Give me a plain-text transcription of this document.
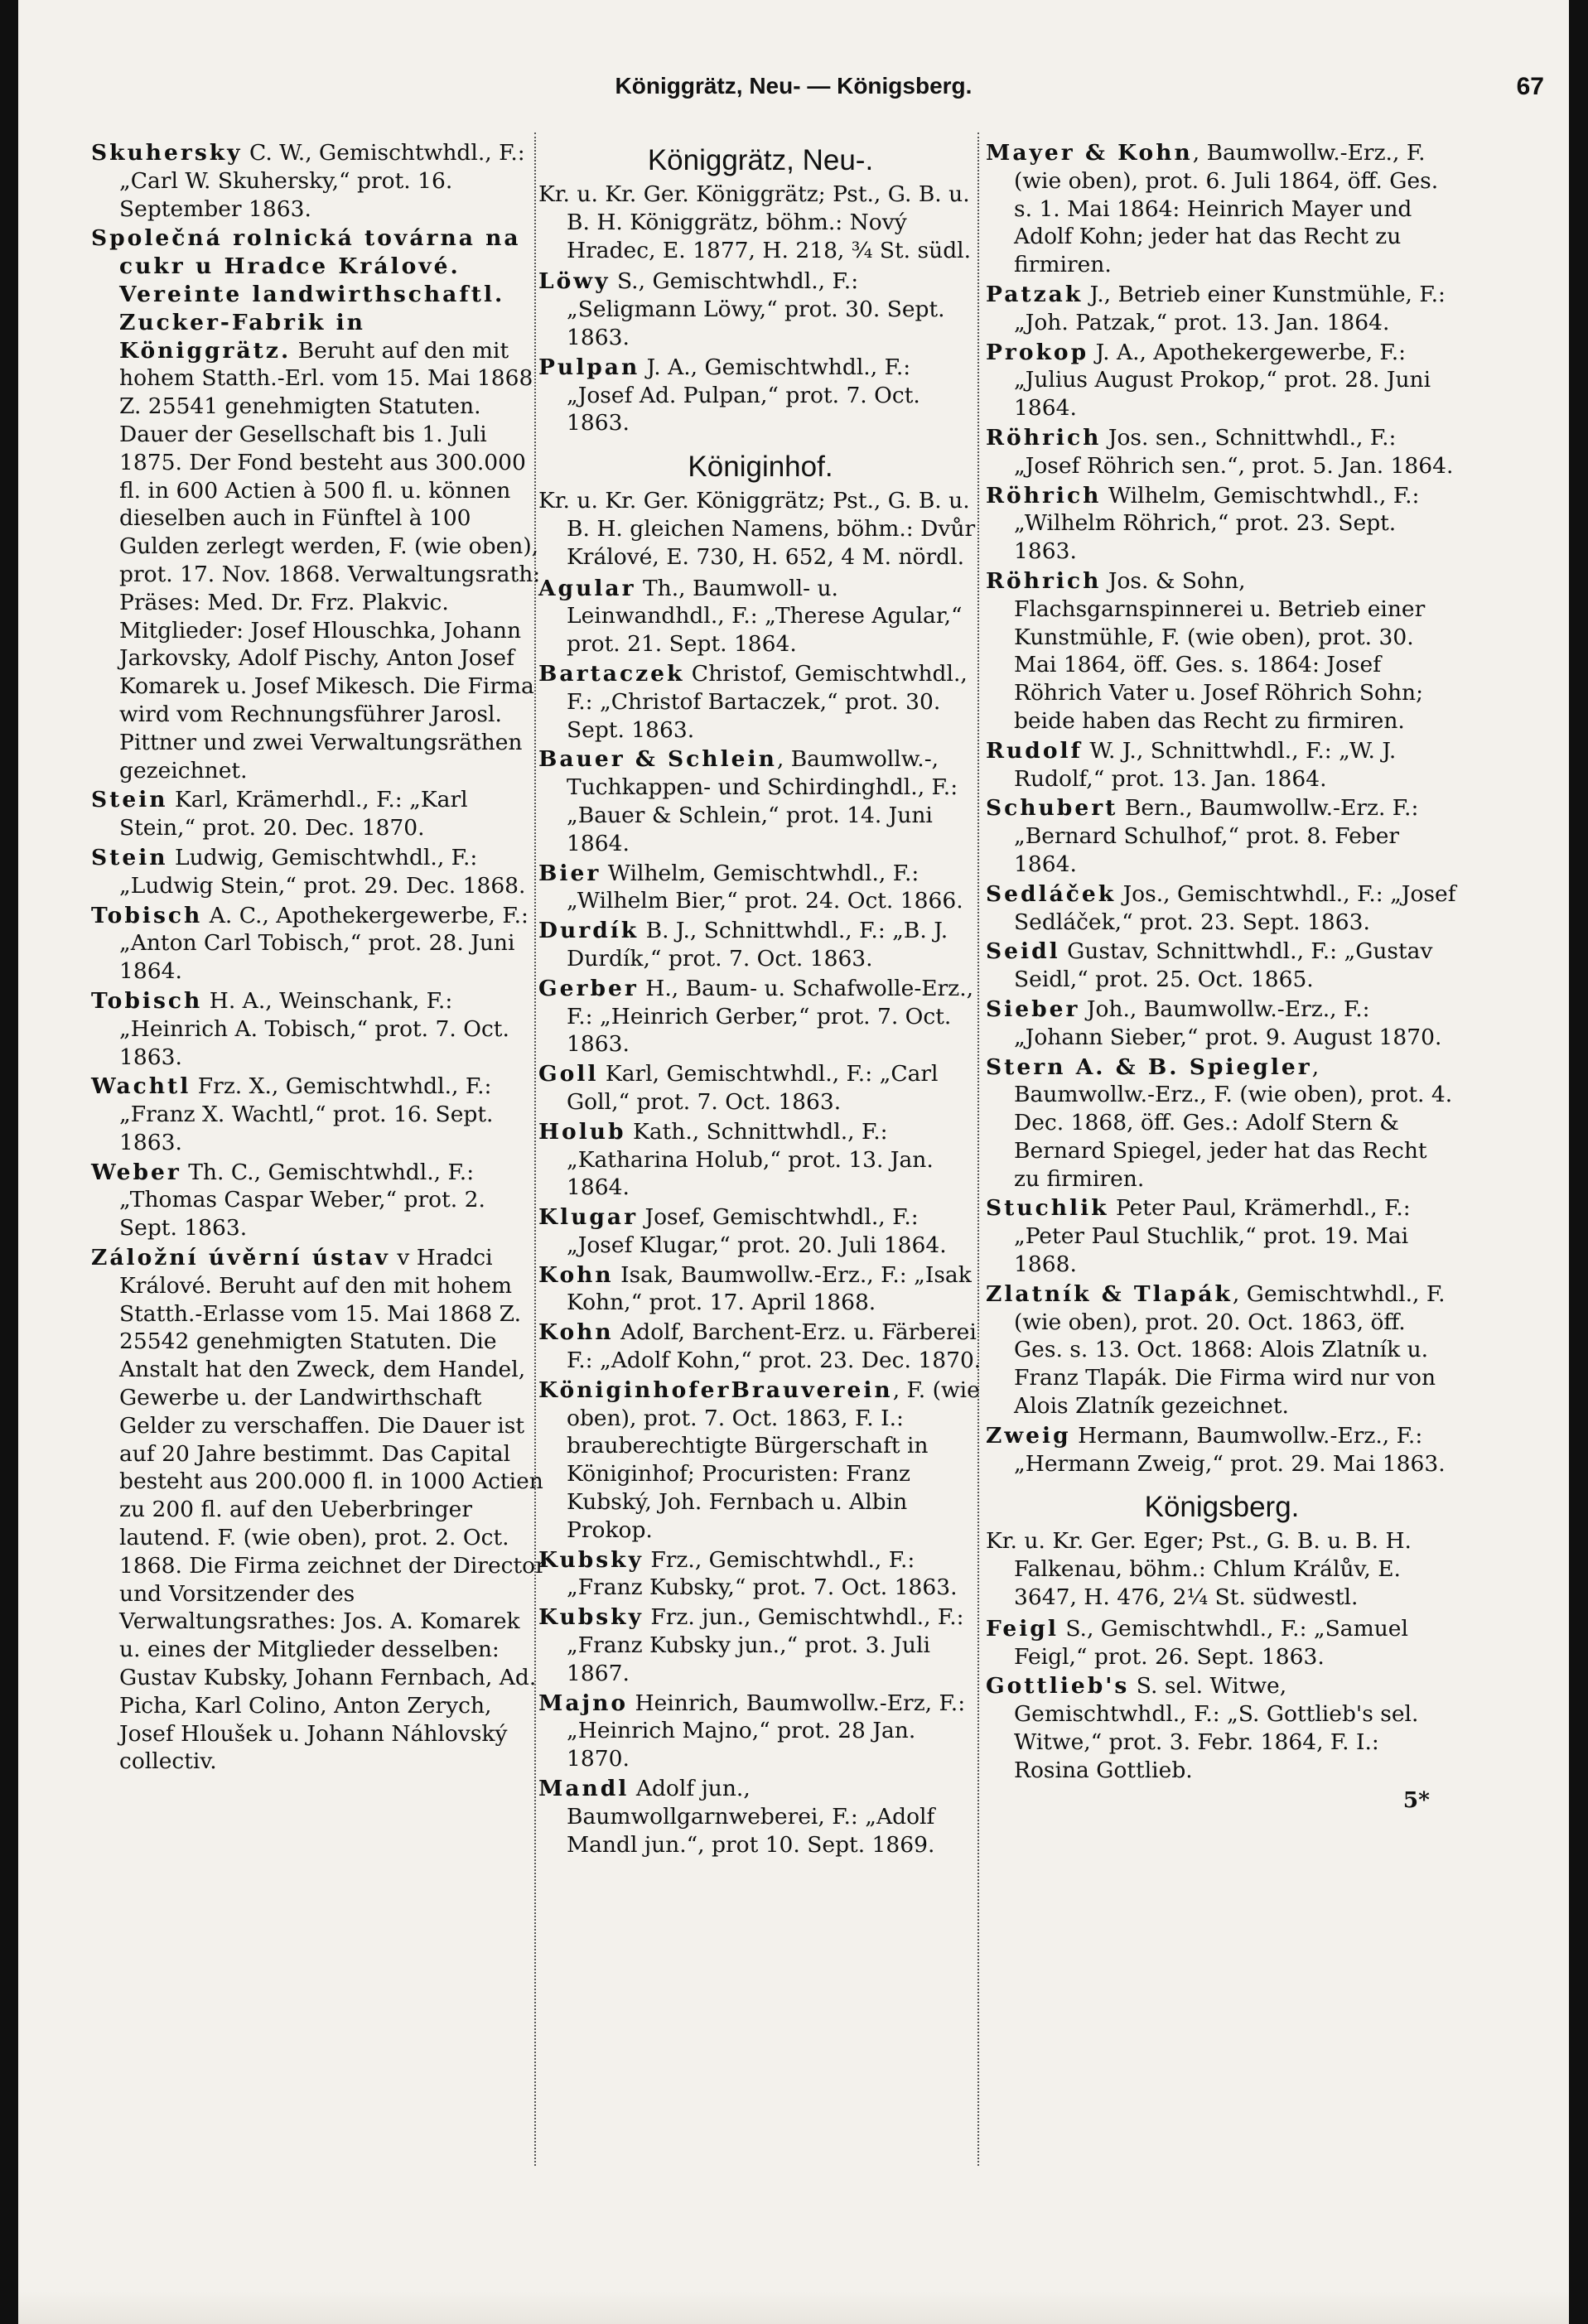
Königgrätz, Neu- — Königsberg.	67
Skuhersky C. W., Gemischtwhdl., F.: „Carl W. Skuhersky,“ prot. 16. September 1863.
Společná rolnická továrna na cukr u Hradce Králové. Vereinte landwirthschaftl. Zucker-Fabrik in Königgrätz. Beruht auf den mit hohem Statth.-Erl. vom 15. Mai 1868 Z. 25541 genehmigten Statuten. Dauer der Gesellschaft bis 1. Juli 1875. Der Fond besteht aus 300.000 fl. in 600 Actien à 500 fl. u. können dieselben auch in Fünftel à 100 Gulden zerlegt werden, F. (wie oben), prot. 17. Nov. 1868. Verwaltungsrath: Präses: Med. Dr. Frz. Plakvic. Mitglieder: Josef Hlouschka, Johann Jarkovsky, Adolf Pischy, Anton Josef Komarek u. Josef Mikesch. Die Firma wird vom Rechnungsführer Jarosl. Pittner und zwei Verwaltungsräthen gezeichnet.
Stein Karl, Krämerhdl., F.: „Karl Stein,“ prot. 20. Dec. 1870.
Stein Ludwig, Gemischtwhdl., F.: „Ludwig Stein,“ prot. 29. Dec. 1868.
Tobisch A. C., Apothekergewerbe, F.: „Anton Carl Tobisch,“ prot. 28. Juni 1864.
Tobisch H. A., Weinschank, F.: „Heinrich A. Tobisch,“ prot. 7. Oct. 1863.
Wachtl Frz. X., Gemischtwhdl., F.: „Franz X. Wachtl,“ prot. 16. Sept. 1863.
Weber Th. C., Gemischtwhdl., F.: „Thomas Caspar Weber,“ prot. 2. Sept. 1863.
Záložní úvěrní ústav v Hradci Králové. Beruht auf den mit hohem Statth.-Erlasse vom 15. Mai 1868 Z. 25542 genehmigten Statuten. Die Anstalt hat den Zweck, dem Handel, Gewerbe u. der Landwirthschaft Gelder zu verschaffen. Die Dauer ist auf 20 Jahre bestimmt. Das Capital besteht aus 200.000 fl. in 1000 Actien zu 200 fl. auf den Ueberbringer lautend. F. (wie oben), prot. 2. Oct. 1868. Die Firma zeichnet der Director und Vorsitzender des Verwaltungsrathes: Jos. A. Komarek u. eines der Mitglieder desselben: Gustav Kubsky, Johann Fernbach, Ad. Picha, Karl Colino, Anton Zerych, Josef Hloušek u. Johann Náhlovský collectiv.
Königgrätz, Neu-.
Kr. u. Kr. Ger. Königgrätz; Pst., G. B. u. B. H. Königgrätz, böhm.: Nový Hradec, E. 1877, H. 218, ¾ St. südl.
Löwy S., Gemischtwhdl., F.: „Seligmann Löwy,“ prot. 30. Sept. 1863.
Pulpan J. A., Gemischtwhdl., F.: „Josef Ad. Pulpan,“ prot. 7. Oct. 1863.
Königinhof.
Kr. u. Kr. Ger. Königgrätz; Pst., G. B. u. B. H. gleichen Namens, böhm.: Dvůr Králové, E. 730, H. 652, 4 M. nördl.
Agular Th., Baumwoll- u. Leinwandhdl., F.: „Therese Agular,“ prot. 21. Sept. 1864.
Bartaczek Christof, Gemischtwhdl., F.: „Christof Bartaczek,“ prot. 30. Sept. 1863.
Bauer & Schlein, Baumwollw.-, Tuchkappen- und Schirdinghdl., F.: „Bauer & Schlein,“ prot. 14. Juni 1864.
Bier Wilhelm, Gemischtwhdl., F.: „Wilhelm Bier,“ prot. 24. Oct. 1866.
Durdík B. J., Schnittwhdl., F.: „B. J. Durdík,“ prot. 7. Oct. 1863.
Gerber H., Baum- u. Schafwolle-Erz., F.: „Heinrich Gerber,“ prot. 7. Oct. 1863.
Goll Karl, Gemischtwhdl., F.: „Carl Goll,“ prot. 7. Oct. 1863.
Holub Kath., Schnittwhdl., F.: „Katharina Holub,“ prot. 13. Jan. 1864.
Klugar Josef, Gemischtwhdl., F.: „Josef Klugar,“ prot. 20. Juli 1864.
Kohn Isak, Baumwollw.-Erz., F.: „Isak Kohn,“ prot. 17. April 1868.
Kohn Adolf, Barchent-Erz. u. Färberei F.: „Adolf Kohn,“ prot. 23. Dec. 1870.
KöniginhoferBrauverein, F. (wie oben), prot. 7. Oct. 1863, F. I.: brauberechtigte Bürgerschaft in Königinhof; Procuristen: Franz Kubský, Joh. Fernbach u. Albin Prokop.
Kubsky Frz., Gemischtwhdl., F.: „Franz Kubsky,“ prot. 7. Oct. 1863.
Kubsky Frz. jun., Gemischtwhdl., F.: „Franz Kubsky jun.,“ prot. 3. Juli 1867.
Majno Heinrich, Baumwollw.-Erz, F.: „Heinrich Majno,“ prot. 28 Jan. 1870.
Mandl Adolf jun., Baumwollgarnweberei, F.: „Adolf Mandl jun.“, prot 10. Sept. 1869.
Mayer & Kohn, Baumwollw.-Erz., F. (wie oben), prot. 6. Juli 1864, öff. Ges. s. 1. Mai 1864: Heinrich Mayer und Adolf Kohn; jeder hat das Recht zu firmiren.
Patzak J., Betrieb einer Kunstmühle, F.: „Joh. Patzak,“ prot. 13. Jan. 1864.
Prokop J. A., Apothekergewerbe, F.: „Julius August Prokop,“ prot. 28. Juni 1864.
Röhrich Jos. sen., Schnittwhdl., F.: „Josef Röhrich sen.“, prot. 5. Jan. 1864.
Röhrich Wilhelm, Gemischtwhdl., F.: „Wilhelm Röhrich,“ prot. 23. Sept. 1863.
Röhrich Jos. & Sohn, Flachsgarnspinnerei u. Betrieb einer Kunstmühle, F. (wie oben), prot. 30. Mai 1864, öff. Ges. s. 1864: Josef Röhrich Vater u. Josef Röhrich Sohn; beide haben das Recht zu firmiren.
Rudolf W. J., Schnittwhdl., F.: „W. J. Rudolf,“ prot. 13. Jan. 1864.
Schubert Bern., Baumwollw.-Erz. F.: „Bernard Schulhof,“ prot. 8. Feber 1864.
Sedláček Jos., Gemischtwhdl., F.: „Josef Sedláček,“ prot. 23. Sept. 1863.
Seidl Gustav, Schnittwhdl., F.: „Gustav Seidl,“ prot. 25. Oct. 1865.
Sieber Joh., Baumwollw.-Erz., F.: „Johann Sieber,“ prot. 9. August 1870.
Stern A. & B. Spiegler, Baumwollw.-Erz., F. (wie oben), prot. 4. Dec. 1868, öff. Ges.: Adolf Stern & Bernard Spiegel, jeder hat das Recht zu firmiren.
Stuchlik Peter Paul, Krämerhdl., F.: „Peter Paul Stuchlik,“ prot. 19. Mai 1868.
Zlatník & Tlapák, Gemischtwhdl., F. (wie oben), prot. 20. Oct. 1863, öff. Ges. s. 13. Oct. 1868: Alois Zlatník u. Franz Tlapák. Die Firma wird nur von Alois Zlatník gezeichnet.
Zweig Hermann, Baumwollw.-Erz., F.: „Hermann Zweig,“ prot. 29. Mai 1863.
Königsberg.
Kr. u. Kr. Ger. Eger; Pst., G. B. u. B. H. Falkenau, böhm.: Chlum Králův, E. 3647, H. 476, 2¼ St. südwestl.
Feigl S., Gemischtwhdl., F.: „Samuel Feigl,“ prot. 26. Sept. 1863.
Gottlieb's S. sel. Witwe, Gemischtwhdl., F.: „S. Gottlieb's sel. Witwe,“ prot. 3. Febr. 1864, F. I.: Rosina Gottlieb.
5*
